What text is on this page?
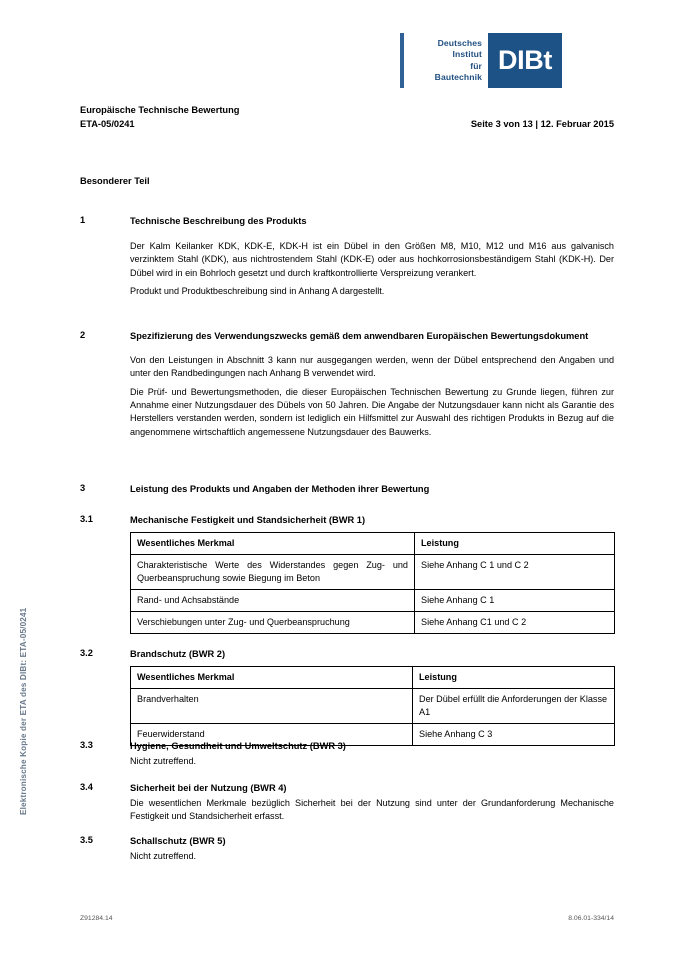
Elektronische Kopie der ETA des DIBt: ETA-05/0241
Deutsches
Institut
für
Bautechnik
DIBt
Europäische Technische Bewertung
ETA-05/0241	Seite 3 von 13 | 12. Februar 2015
Besonderer Teil
1	Technische Beschreibung des Produkts
Der Kalm Keilanker KDK, KDK-E, KDK-H ist ein Dübel in den Größen M8, M10, M12 und M16 aus galvanisch verzinktem Stahl (KDK), aus nichtrostendem Stahl (KDK-E) oder aus hochkorrosionsbeständigem Stahl (KDK-H). Der Dübel wird in ein Bohrloch gesetzt und durch kraftkontrollierte Verspreizung verankert.
Produkt und Produktbeschreibung sind in Anhang A dargestellt.
2	Spezifizierung des Verwendungszwecks gemäß dem anwendbaren Europäischen Bewertungsdokument
Von den Leistungen in Abschnitt 3 kann nur ausgegangen werden, wenn der Dübel entsprechend den Angaben und unter den Randbedingungen nach Anhang B verwendet wird.
Die Prüf- und Bewertungsmethoden, die dieser Europäischen Technischen Bewertung zu Grunde liegen, führen zur Annahme einer Nutzungsdauer des Dübels von 50 Jahren. Die Angabe der Nutzungsdauer kann nicht als Garantie des Herstellers verstanden werden, sondern ist lediglich ein Hilfsmittel zur Auswahl des richtigen Produkts in Bezug auf die angenommene wirtschaftlich angemessene Nutzungsdauer des Bauwerks.
3	Leistung des Produkts und Angaben der Methoden ihrer Bewertung
3.1	Mechanische Festigkeit und Standsicherheit (BWR 1)
Wesentliches Merkmal	Leistung
Charakteristische Werte des Widerstandes gegen Zug- und Querbeanspruchung sowie Biegung im Beton	Siehe Anhang C 1 und C 2
Rand- und Achsabstände	Siehe Anhang C 1
Verschiebungen unter Zug- und Querbeanspruchung	Siehe Anhang C1 und C 2
3.2	Brandschutz (BWR 2)
Wesentliches Merkmal	Leistung
Brandverhalten	Der Dübel erfüllt die Anforderungen der Klasse A1
Feuerwiderstand	Siehe Anhang C 3
3.3	Hygiene, Gesundheit und Umweltschutz (BWR 3)
Nicht zutreffend.
3.4	Sicherheit bei der Nutzung (BWR 4)
Die wesentlichen Merkmale bezüglich Sicherheit bei der Nutzung sind unter der Grundanforderung Mechanische Festigkeit und Standsicherheit erfasst.
3.5	Schallschutz (BWR 5)
Nicht zutreffend.
Z91284.14	8.06.01-334/14
